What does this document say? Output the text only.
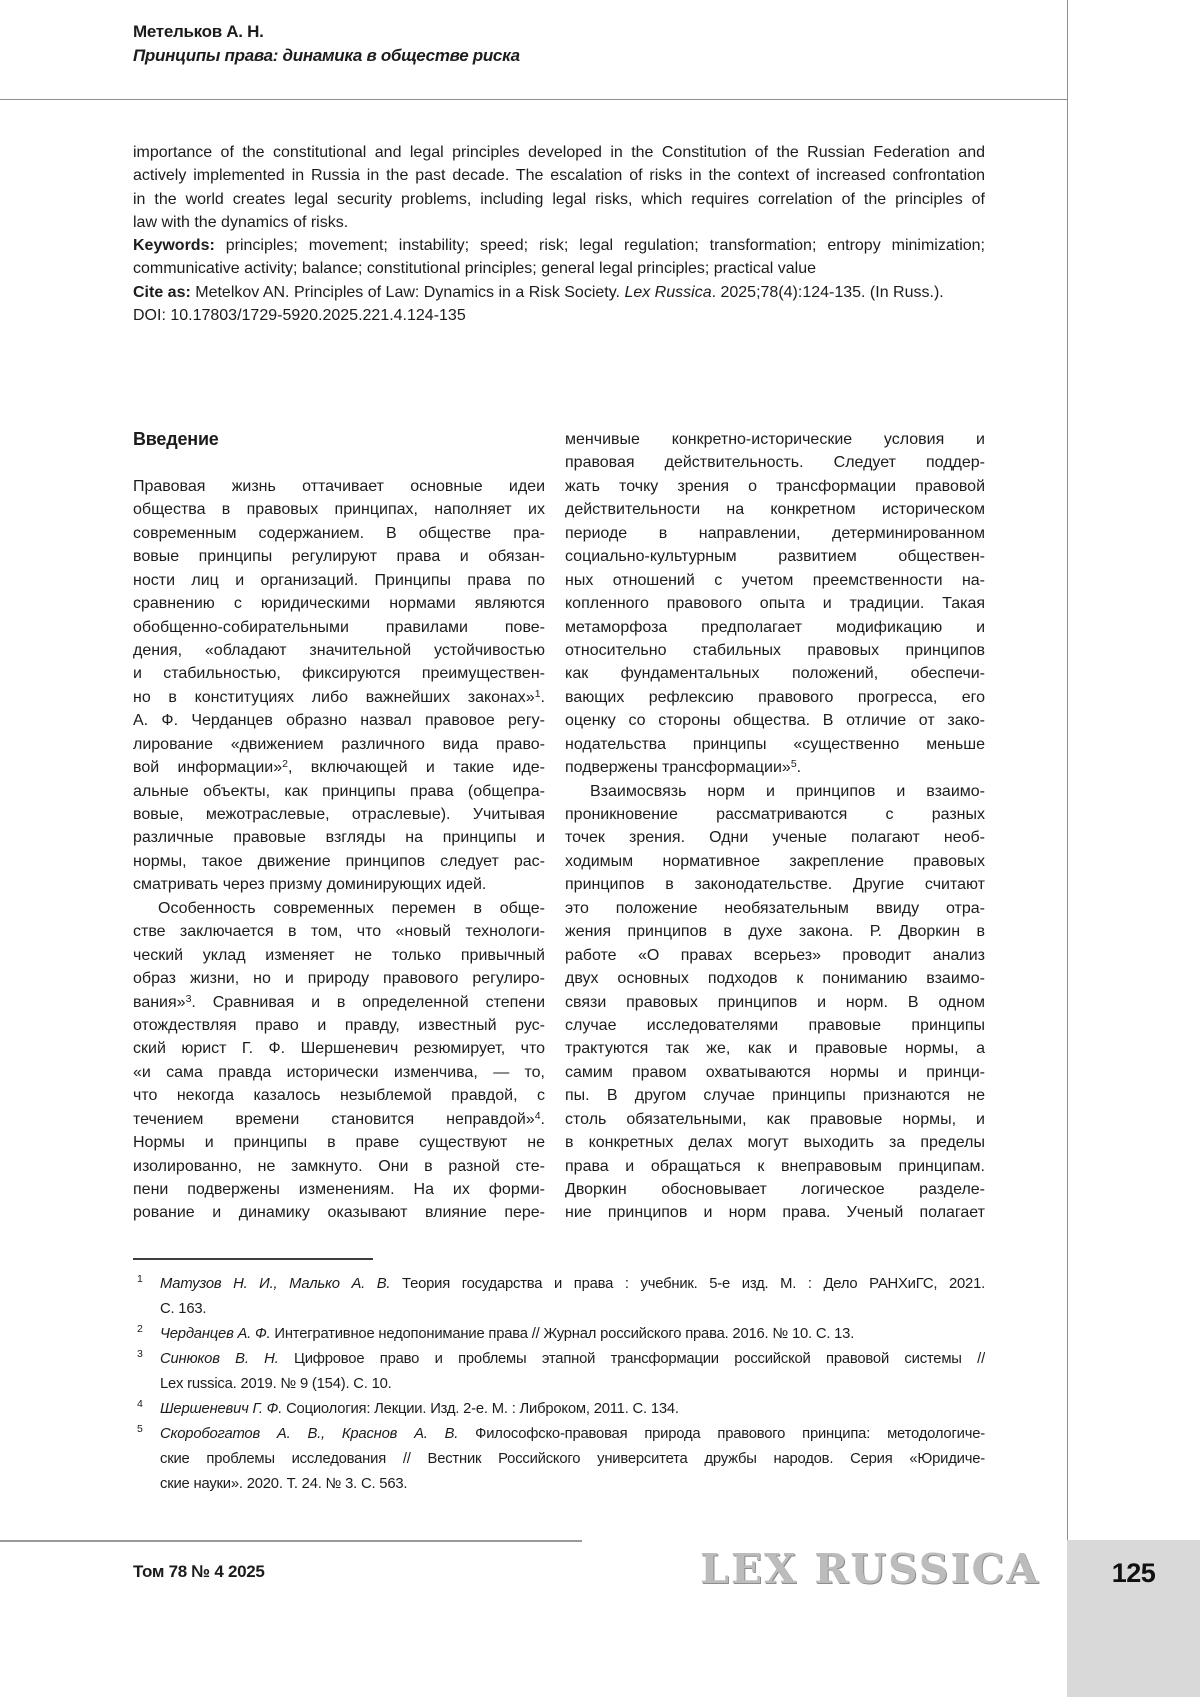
Метельков А. Н.
Принципы права: динамика в обществе риска
importance of the constitutional and legal principles developed in the Constitution of the Russian Federation and
actively implemented in Russia in the past decade. The escalation of risks in the context of increased confrontation
in the world creates legal security problems, including legal risks, which requires correlation of the principles of
law with the dynamics of risks.
Keywords: principles; movement; instability; speed; risk; legal regulation; transformation; entropy minimization;
communicative activity; balance; constitutional principles; general legal principles; practical value
Cite as: Metelkov AN. Principles of Law: Dynamics in a Risk Society. Lex Russica. 2025;78(4):124-135. (In Russ.).
DOI: 10.17803/1729-5920.2025.221.4.124-135
Введение
Правовая жизнь оттачивает основные идеи
общества в правовых принципах, наполняет их
современным содержанием. В обществе пра-
вовые принципы регулируют права и обязан-
ности лиц и организаций. Принципы права по
сравнению с юридическими нормами являются
обобщенно-собирательными правилами пове-
дения, «обладают значительной устойчивостью
и стабильностью, фиксируются преимуществен-
но в конституциях либо важнейших законах»$^1$.
А. Ф. Черданцев образно назвал правовое регу-
лирование «движением различного вида право-
вой информации»$^2$, включающей и такие иде-
альные объекты, как принципы права (общепра-
вовые, межотраслевые, отраслевые). Учитывая
различные правовые взгляды на принципы и
нормы, такое движение принципов следует рас-
сматривать через призму доминирующих идей.
Особенность современных перемен в обще-
стве заключается в том, что «новый технологи-
ческий уклад изменяет не только привычный
образ жизни, но и природу правового регулиро-
вания»$^3$. Сравнивая и в определенной степени
отождествляя право и правду, известный рус-
ский юрист Г. Ф. Шершеневич резюмирует, что
«и сама правда исторически изменчива, — то,
что некогда казалось незыблемой правдой, с
течением времени становится неправдой»$^4$.
Нормы и принципы в праве существуют не
изолированно, не замкнуто. Они в разной сте-
пени подвержены изменениям. На их форми-
рование и динамику оказывают влияние пере-
менчивые конкретно-исторические условия и
правовая действительность. Следует поддер-
жать точку зрения о трансформации правовой
действительности на конкретном историческом
периоде в направлении, детерминированном
социально-культурным развитием обществен-
ных отношений с учетом преемственности на-
копленного правового опыта и традиции. Такая
метаморфоза предполагает модификацию и
относительно стабильных правовых принципов
как фундаментальных положений, обеспечи-
вающих рефлексию правового прогресса, его
оценку со стороны общества. В отличие от зако-
нодательства принципы «существенно меньше
подвержены трансформации»$^5$.
Взаимосвязь норм и принципов и взаимо-
проникновение рассматриваются с разных
точек зрения. Одни ученые полагают необ-
ходимым нормативное закрепление правовых
принципов в законодательстве. Другие считают
это положение необязательным ввиду отра-
жения принципов в духе закона. Р. Дворкин в
работе «О правах всерьез» проводит анализ
двух основных подходов к пониманию взаимо-
связи правовых принципов и норм. В одном
случае исследователями правовые принципы
трактуются так же, как и правовые нормы, а
самим правом охватываются нормы и принци-
пы. В другом случае принципы признаются не
столь обязательными, как правовые нормы, и
в конкретных делах могут выходить за пределы
права и обращаться к внеправовым принципам.
Дворкин обосновывает логическое разделе-
ние принципов и норм права. Ученый полагает
1 Матузов Н. И., Малько А. В. Теория государства и права : учебник. 5-е изд. М. : Дело РАНХиГС, 2021.
С. 163.
2 Черданцев А. Ф. Интегративное недопонимание права // Журнал российского права. 2016. № 10. С. 13.
3 Синюков В. Н. Цифровое право и проблемы этапной трансформации российской правовой системы //
Lex russica. 2019. № 9 (154). С. 10.
4 Шершеневич Г. Ф. Социология: Лекции. Изд. 2-е. М. : Либроком, 2011. С. 134.
5 Скоробогатов А. В., Краснов А. В. Философско-правовая природа правового принципа: методологиче-
ские проблемы исследования // Вестник Российского университета дружбы народов. Серия «Юридиче-
ские науки». 2020. Т. 24. № 3. С. 563.
Том 78 № 4 2025	LEX RUSSICA	125
